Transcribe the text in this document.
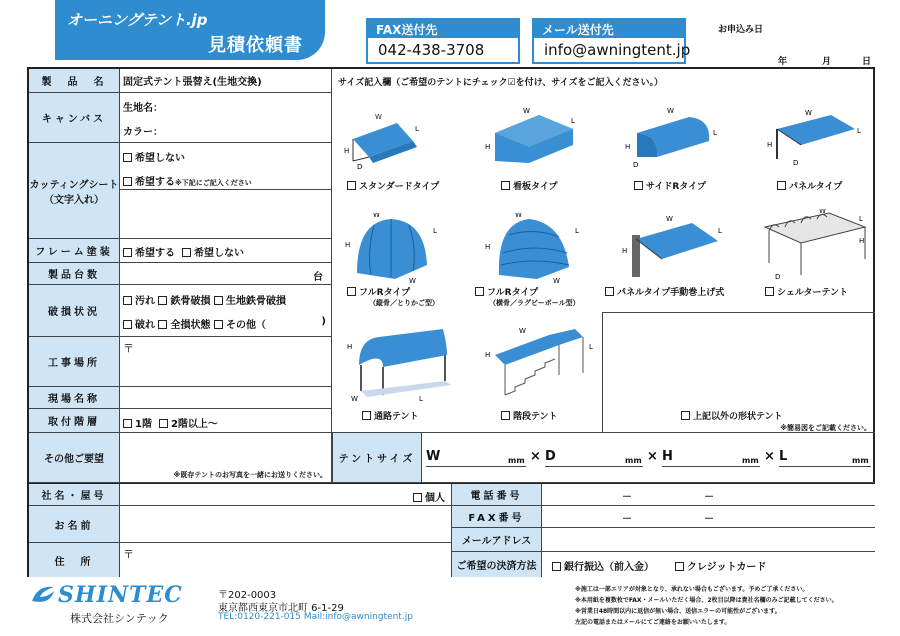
オーニングテント.jp
見積依頼書
FAX送付先
042-438-3708
メール送付先
info@awningtent.jp
お申込み日
年	月	日
製　品　名	固定式テント張替え(生地交換)
キャンバス
生地名：
カラー：
カッティングシート（文字入れ）
希望しない
希望する※下記にご記入ください
フレーム塗装	希望する 希望しない
製品台数	台
破損状況
汚れ 鉄骨破損 生地鉄骨破損
破れ 全損状態 その他（	)
工事場所
〒
現場名称
取付階層	1階 2階以上～
その他ご要望
※既存テントのお写真を一緒にお送りください。
サイズ記入欄（ご希望のテントにチェック☑を付け、サイズをご記入ください。）
テントサイズ W	mm × D	mm × H	mm × L	mm
上記以外の形状テント
※簡易図をご記載ください。
W
L
H
D
スタンダードタイプ
W
L
H
看板タイプ
W
L
H
D
サイドRタイプ
W
L
H
D
パネルタイプ
W
L
H
W
フルRタイプ
（縦骨／とりかご型）
W
L
H
W
フルRタイプ
（横骨／ラグビーボール型）
W
L
H
パネルタイプ手動巻上げ式
W
L
H
D
シェルターテント
H
W	L
通路テント
H
W
L
階段テント
社名・屋号	個人
お名前
住　所
〒
電話番号	－	－
FAX番号	－	－
メールアドレス
ご希望の決済方法	銀行振込（前入金）	クレジットカード
SHINTEC
株式会社シンテック
〒202-0003
東京都西東京市北町 6-1-29
TEL:0120-221-015 Mail:info@awningtent.jp
※施工は一部エリアが対象となり、承れない場合もございます。予めご了承ください。
※本用紙を複数枚でFAX・メールいただく場合、2枚目以降は貴社名欄のみご記載してください。
※営業日48時間以内に返信が無い場合、送信エラーの可能性がございます。
左記の電話またはメールにてご連絡をお願いいたします。
